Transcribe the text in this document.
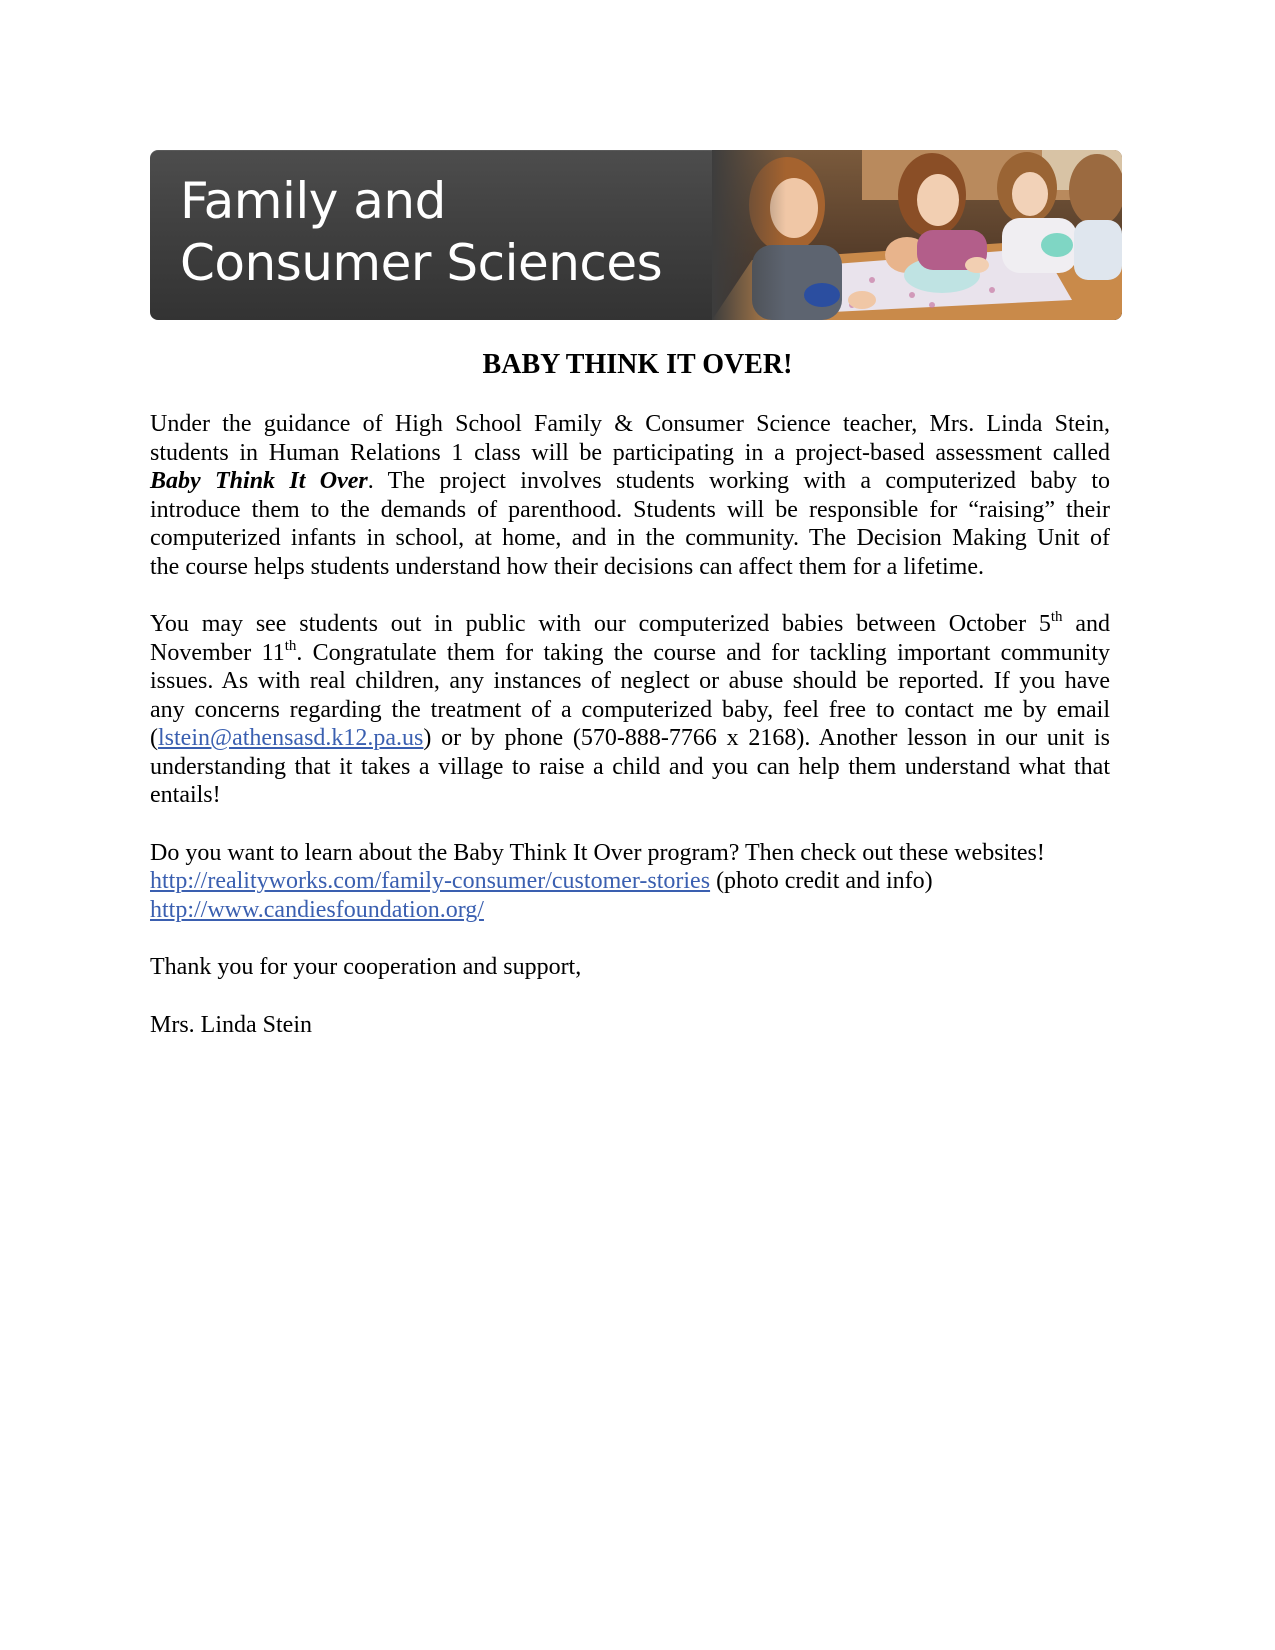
Family and
Consumer Sciences
BABY THINK IT OVER!
Under the guidance of High School Family & Consumer Science teacher, Mrs. Linda Stein,
students in Human Relations 1 class will be participating in a project-based assessment called
Baby Think It Over. The project involves students working with a computerized baby to
introduce them to the demands of parenthood. Students will be responsible for “raising” their
computerized infants in school, at home, and in the community. The Decision Making Unit of
the course helps students understand how their decisions can affect them for a lifetime.
You may see students out in public with our computerized babies between October 5th and
November 11th. Congratulate them for taking the course and for tackling important community
issues. As with real children, any instances of neglect or abuse should be reported. If you have
any concerns regarding the treatment of a computerized baby, feel free to contact me by email
(lstein@athensasd.k12.pa.us) or by phone (570-888-7766 x 2168). Another lesson in our unit is
understanding that it takes a village to raise a child and you can help them understand what that
entails!
Do you want to learn about the Baby Think It Over program? Then check out these websites!
http://realityworks.com/family-consumer/customer-stories (photo credit and info)
http://www.candiesfoundation.org/
Thank you for your cooperation and support,
Mrs. Linda Stein
